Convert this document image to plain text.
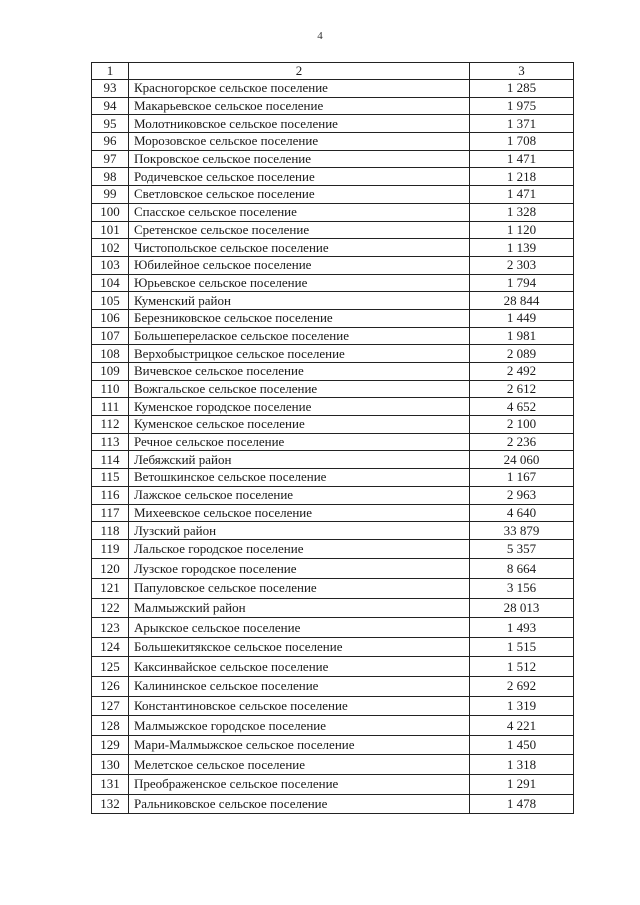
4
1	2	3
93	Красногорское сельское поселение	1 285
94	Макарьевское сельское поселение	1 975
95	Молотниковское сельское поселение	1 371
96	Морозовское сельское поселение	1 708
97	Покровское сельское поселение	1 471
98	Родичевское сельское поселение	1 218
99	Светловское сельское поселение	1 471
100	Спасское сельское поселение	1 328
101	Сретенское сельское поселение	1 120
102	Чистопольское сельское поселение	1 139
103	Юбилейное сельское поселение	2 303
104	Юрьевское сельское поселение	1 794
105	Куменский район	28 844
106	Березниковское сельское поселение	1 449
107	Большеперелаское сельское поселение	1 981
108	Верхобыстрицкое сельское поселение	2 089
109	Вичевское сельское поселение	2 492
110	Вожгальское сельское поселение	2 612
111	Куменское городское поселение	4 652
112	Куменское сельское поселение	2 100
113	Речное сельское поселение	2 236
114	Лебяжский район	24 060
115	Ветошкинское сельское поселение	1 167
116	Лажское сельское поселение	2 963
117	Михеевское сельское поселение	4 640
118	Лузский район	33 879
119	Лальское городское поселение	5 357
120	Лузское городское поселение	8 664
121	Папуловское сельское поселение	3 156
122	Малмыжский район	28 013
123	Арыкское сельское поселение	1 493
124	Большекитякское сельское поселение	1 515
125	Каксинвайское сельское поселение	1 512
126	Калининское сельское поселение	2 692
127	Константиновское сельское поселение	1 319
128	Малмыжское городское поселение	4 221
129	Мари-Малмыжское сельское поселение	1 450
130	Мелетское сельское поселение	1 318
131	Преображенское сельское поселение	1 291
132	Ральниковское сельское поселение	1 478
